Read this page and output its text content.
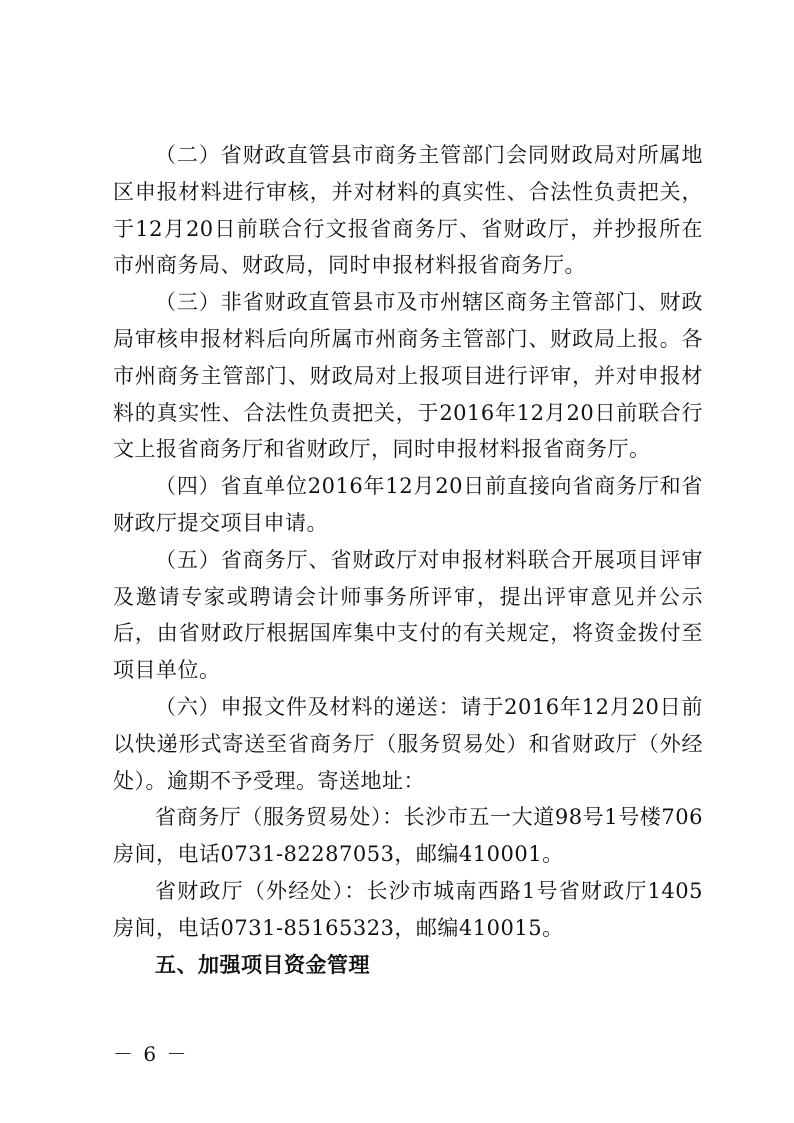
（二）省财政直管县市商务主管部门会同财政局对所属地区申报材料进行审核，并对材料的真实性、合法性负责把关，于12月20日前联合行文报省商务厅、省财政厅，并抄报所在市州商务局、财政局，同时申报材料报省商务厅。

（三）非省财政直管县市及市州辖区商务主管部门、财政局审核申报材料后向所属市州商务主管部门、财政局上报。各市州商务主管部门、财政局对上报项目进行评审，并对申报材料的真实性、合法性负责把关，于2016年12月20日前联合行文上报省商务厅和省财政厅，同时申报材料报省商务厅。

（四）省直单位2016年12月20日前直接向省商务厅和省财政厅提交项目申请。

（五）省商务厅、省财政厅对申报材料联合开展项目评审及邀请专家或聘请会计师事务所评审，提出评审意见并公示后，由省财政厅根据国库集中支付的有关规定，将资金拨付至项目单位。

（六）申报文件及材料的递送：请于2016年12月20日前以快递形式寄送至省商务厅（服务贸易处）和省财政厅（外经处）。逾期不予受理。寄送地址：

省商务厅（服务贸易处）：长沙市五一大道98号1号楼706房间，电话0731-82287053，邮编410001。

省财政厅（外经处）：长沙市城南西路1号省财政厅1405房间，电话0731-85165323，邮编410015。

五、加强项目资金管理

－ 6 －
